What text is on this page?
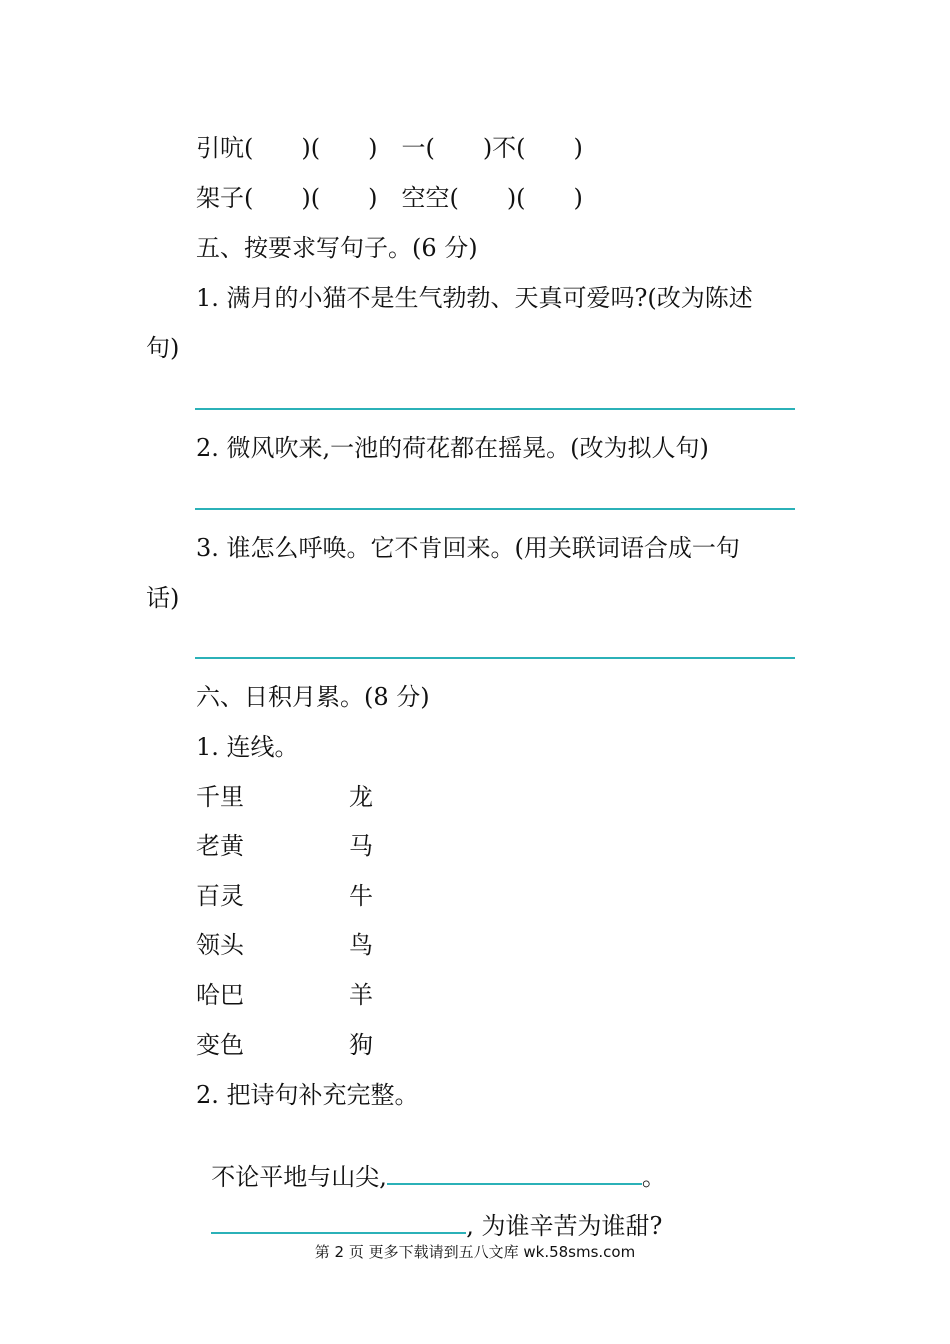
引吭(　　)(　　)　一(　　)不(　　)
架子(　　)(　　)　空空(　　)(　　)
五、按要求写句子。(6 分)
1. 满月的小猫不是生气勃勃、天真可爱吗?(改为陈述
句)
2. 微风吹来,一池的荷花都在摇晃。(改为拟人句)
3. 谁怎么呼唤。它不肯回来。(用关联词语合成一句
话)
六、日积月累。(8 分)
1. 连线。
千里	龙
老黄	马
百灵	牛
领头	鸟
哈巴	羊
变色	狗
2. 把诗句补充完整。

不论平地与山尖,	。

, 为谁辛苦为谁甜?

第 2 页 更多下载请到五八文库 wk.58sms.com
